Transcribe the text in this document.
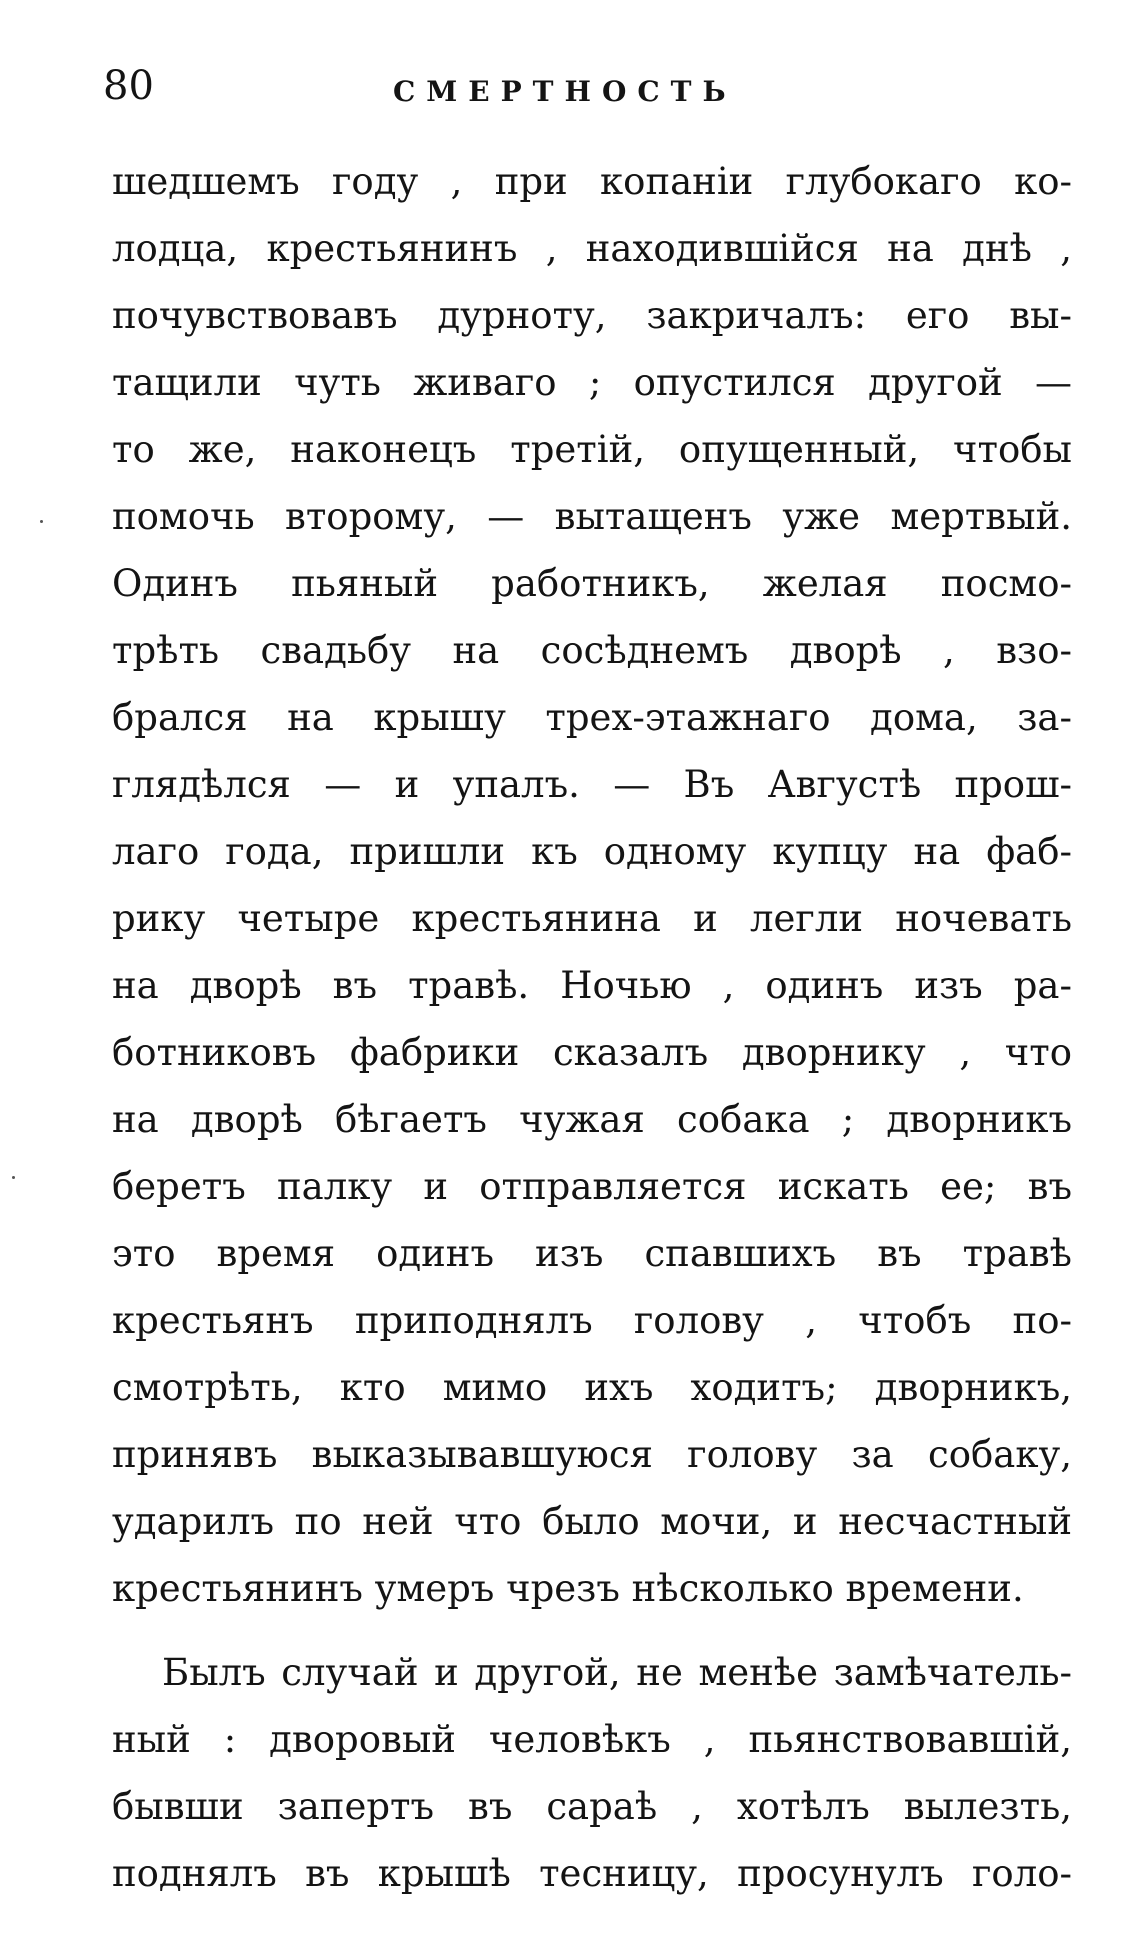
80	СМЕРТНОСТЬ
шедшемъ году , при копаніи глубокаго ко-
лодца, крестьянинъ , находившійся на днѣ ,
почувствовавъ дурноту, закричалъ: его вы-
тащили чуть живаго ; опустился другой —
то же, наконецъ третій, опущенный, чтобы
помочь второму, — вытащенъ уже мертвый.
Одинъ пьяный работникъ, желая посмо-
трѣть свадьбу на сосѣднемъ дворѣ , взо-
брался на крышу трех-этажнаго дома, за-
глядѣлся — и упалъ. — Въ Августѣ прош-
лаго года, пришли къ одному купцу на фаб-
рику четыре крестьянина и легли ночевать
на дворѣ въ травѣ. Ночью , одинъ изъ ра-
ботниковъ фабрики сказалъ дворнику , что
на дворѣ бѣгаетъ чужая собака ; дворникъ
беретъ палку и отправляется искать ее; въ
это время одинъ изъ спавшихъ въ травѣ
крестьянъ приподнялъ голову , чтобъ по-
смотрѣть, кто мимо ихъ ходитъ; дворникъ,
принявъ выказывавшуюся голову за собаку,
ударилъ по ней что было мочи, и несчастный
крестьянинъ умеръ чрезъ нѣсколько времени.
Былъ случай и другой, не менѣе замѣчатель-
ный : дворовый человѣкъ , пьянствовавшій,
бывши запертъ въ сараѣ , хотѣлъ вылезть,
поднялъ въ крышѣ тесницу, просунулъ голо-
